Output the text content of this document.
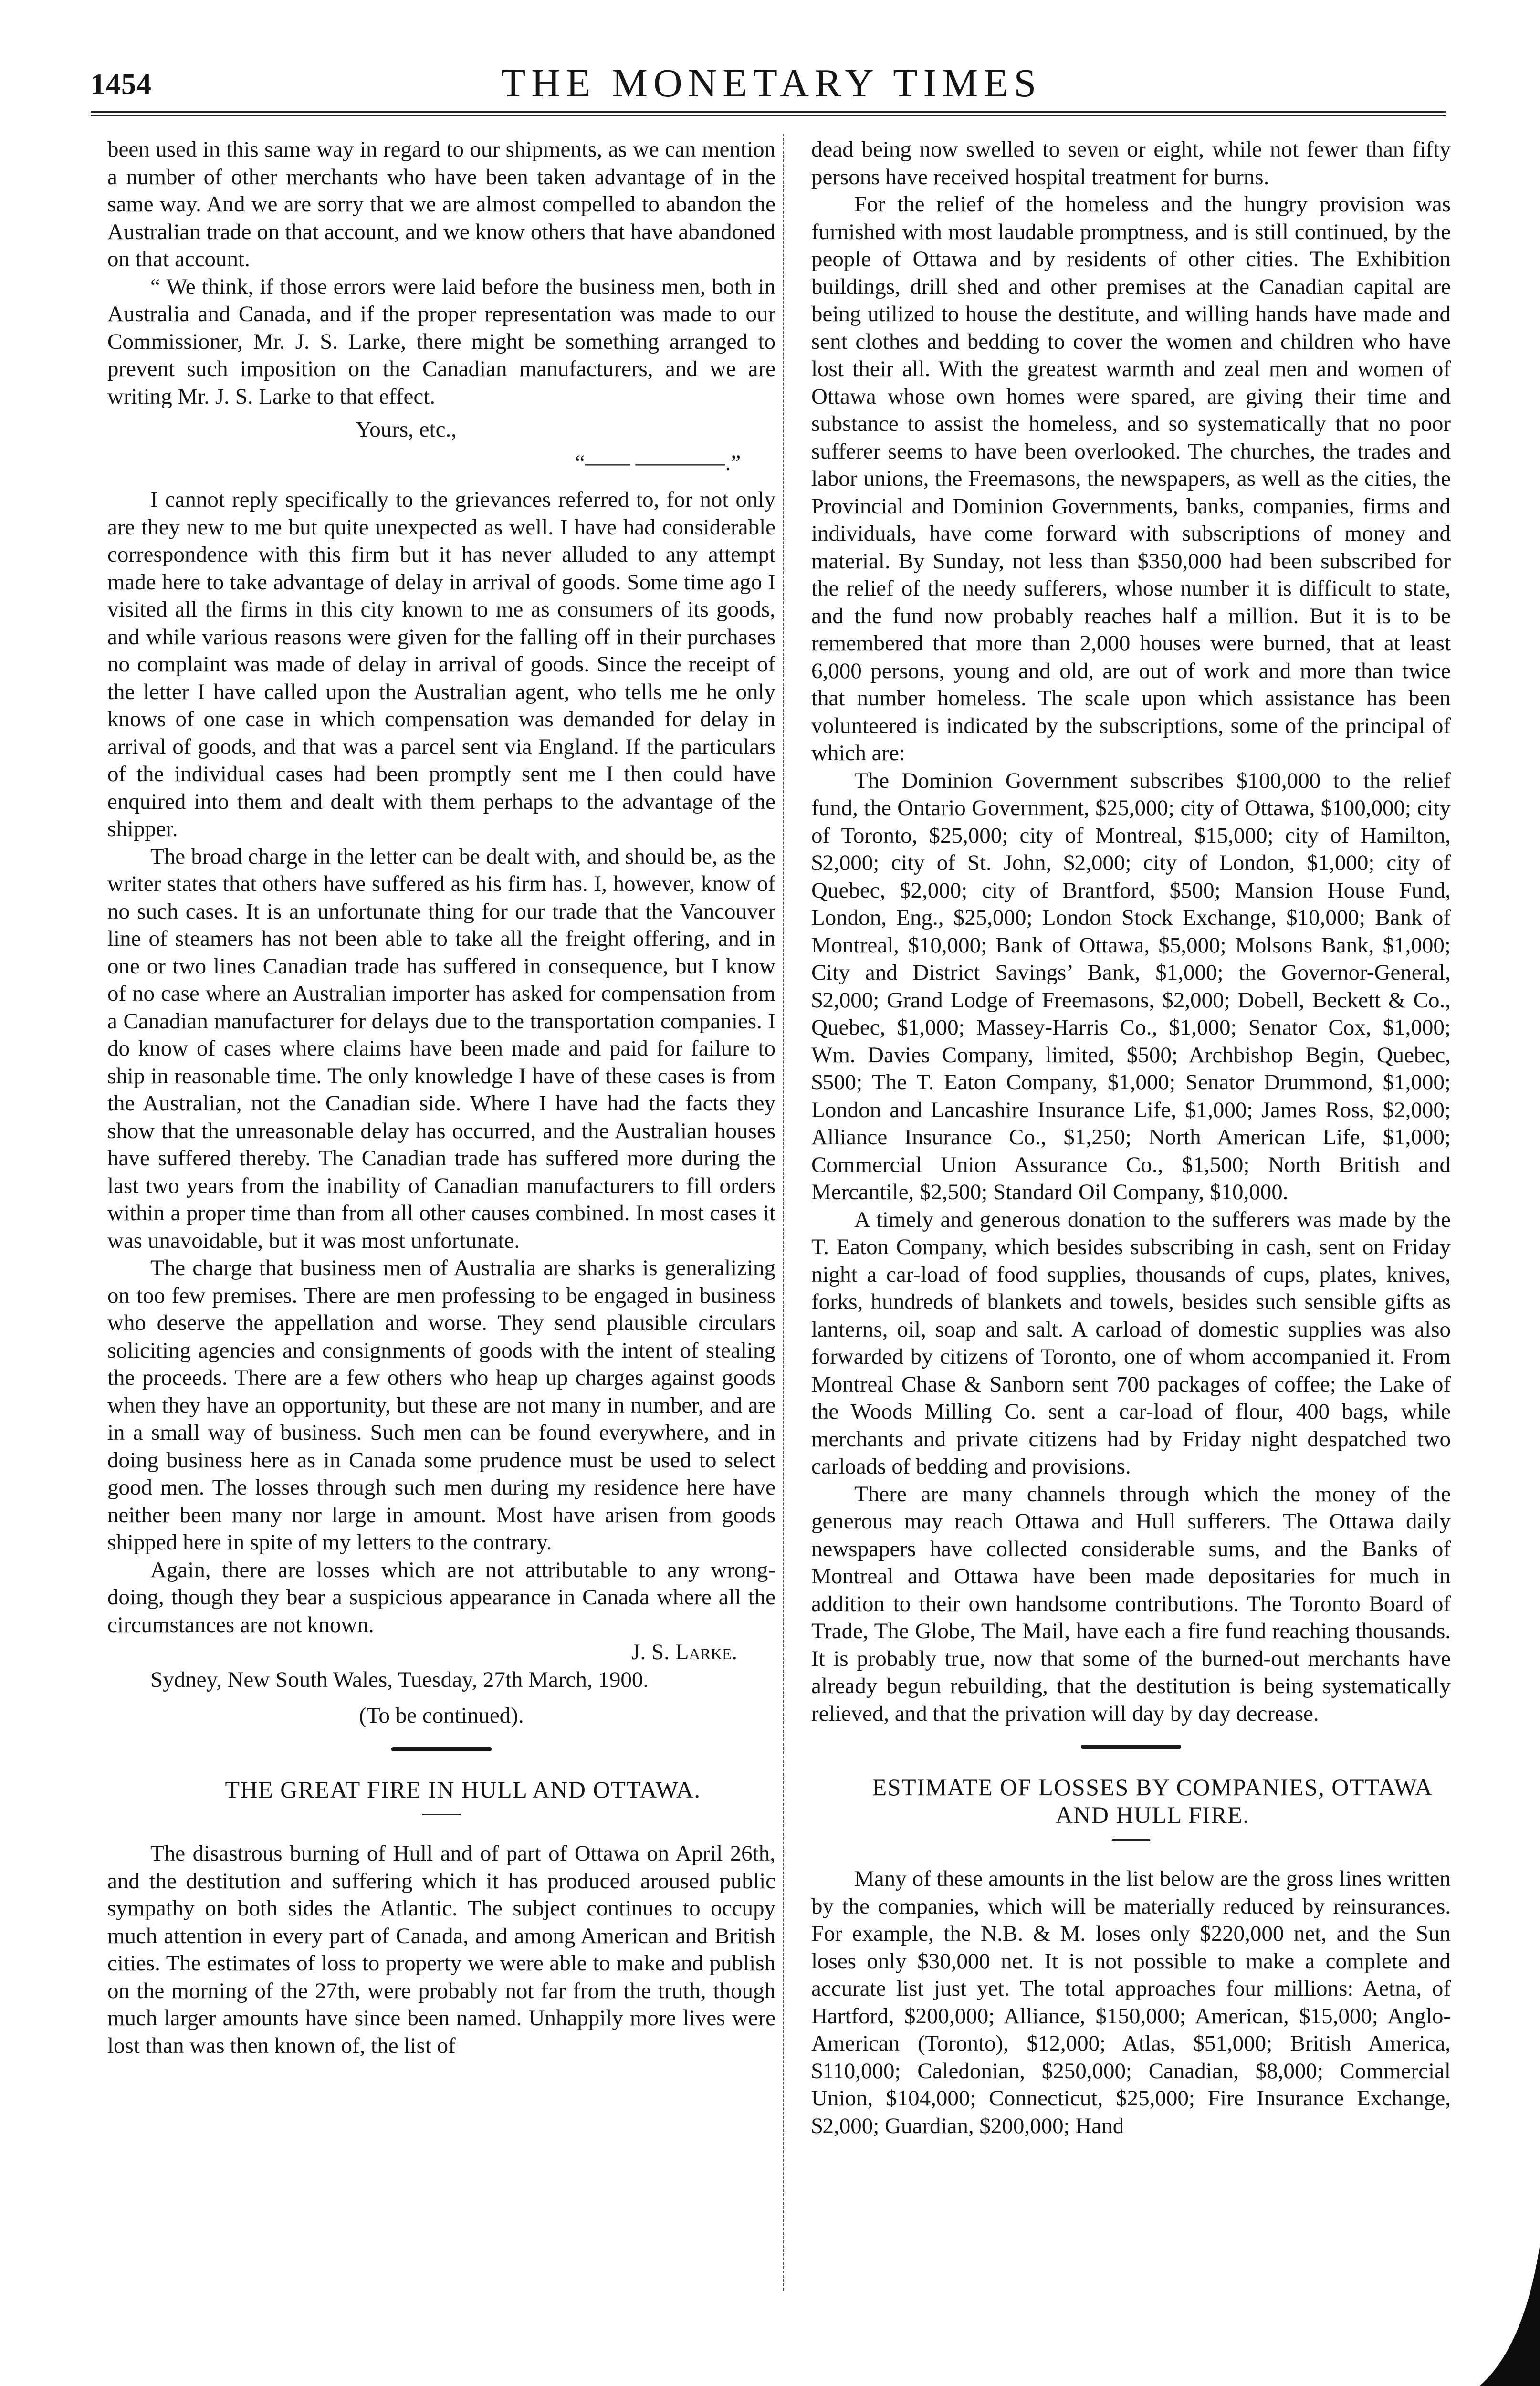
1454	THE MONETARY TIMES

been used in this same way in regard to our shipments, as we can mention a number of other merchants who have been taken advantage of in the same way. And we are sorry that we are almost compelled to abandon the Australian trade on that account, and we know others that have abandoned on that account.

“ We think, if those errors were laid before the business men, both in Australia and Canada, and if the proper representation was made to our Commissioner, Mr. J. S. Larke, there might be something arranged to prevent such imposition on the Canadian manufacturers, and we are writing Mr. J. S. Larke to that effect.

Yours, etc.,
“—— ————.”

I cannot reply specifically to the grievances referred to, for not only are they new to me but quite unexpected as well. I have had considerable correspondence with this firm but it has never alluded to any attempt made here to take advantage of delay in arrival of goods. Some time ago I visited all the firms in this city known to me as consumers of its goods, and while various reasons were given for the falling off in their purchases no complaint was made of delay in arrival of goods. Since the receipt of the letter I have called upon the Australian agent, who tells me he only knows of one case in which compensation was demanded for delay in arrival of goods, and that was a parcel sent via England. If the particulars of the individual cases had been promptly sent me I then could have enquired into them and dealt with them perhaps to the advantage of the shipper.

The broad charge in the letter can be dealt with, and should be, as the writer states that others have suffered as his firm has. I, however, know of no such cases. It is an unfortunate thing for our trade that the Vancouver line of steamers has not been able to take all the freight offering, and in one or two lines Canadian trade has suffered in consequence, but I know of no case where an Australian importer has asked for compensation from a Canadian manufacturer for delays due to the transportation companies. I do know of cases where claims have been made and paid for failure to ship in reasonable time. The only knowledge I have of these cases is from the Australian, not the Canadian side. Where I have had the facts they show that the unreasonable delay has occurred, and the Australian houses have suffered thereby. The Canadian trade has suffered more during the last two years from the inability of Canadian manufacturers to fill orders within a proper time than from all other causes combined. In most cases it was unavoidable, but it was most unfortunate.

The charge that business men of Australia are sharks is generalizing on too few premises. There are men professing to be engaged in business who deserve the appellation and worse. They send plausible circulars soliciting agencies and consignments of goods with the intent of stealing the proceeds. There are a few others who heap up charges against goods when they have an opportunity, but these are not many in number, and are in a small way of business. Such men can be found everywhere, and in doing business here as in Canada some prudence must be used to select good men. The losses through such men during my residence here have neither been many nor large in amount. Most have arisen from goods shipped here in spite of my letters to the contrary.

Again, there are losses which are not attributable to any wrong-doing, though they bear a suspicious appearance in Canada where all the circumstances are not known.

J. S. Larke.

Sydney, New South Wales, Tuesday, 27th March, 1900.

(To be continued).

THE GREAT FIRE IN HULL AND OTTAWA.

The disastrous burning of Hull and of part of Ottawa on April 26th, and the destitution and suffering which it has produced aroused public sympathy on both sides the Atlantic. The subject continues to occupy much attention in every part of Canada, and among American and British cities. The estimates of loss to property we were able to make and publish on the morning of the 27th, were probably not far from the truth, though much larger amounts have since been named. Unhappily more lives were lost than was then known of, the list of

dead being now swelled to seven or eight, while not fewer than fifty persons have received hospital treatment for burns.

For the relief of the homeless and the hungry provision was furnished with most laudable promptness, and is still continued, by the people of Ottawa and by residents of other cities. The Exhibition buildings, drill shed and other premises at the Canadian capital are being utilized to house the destitute, and willing hands have made and sent clothes and bedding to cover the women and children who have lost their all. With the greatest warmth and zeal men and women of Ottawa whose own homes were spared, are giving their time and substance to assist the homeless, and so systematically that no poor sufferer seems to have been overlooked. The churches, the trades and labor unions, the Freemasons, the newspapers, as well as the cities, the Provincial and Dominion Governments, banks, companies, firms and individuals, have come forward with subscriptions of money and material. By Sunday, not less than $350,000 had been subscribed for the relief of the needy sufferers, whose number it is difficult to state, and the fund now probably reaches half a million. But it is to be remembered that more than 2,000 houses were burned, that at least 6,000 persons, young and old, are out of work and more than twice that number homeless. The scale upon which assistance has been volunteered is indicated by the subscriptions, some of the principal of which are:

The Dominion Government subscribes $100,000 to the relief fund, the Ontario Government, $25,000; city of Ottawa, $100,000; city of Toronto, $25,000; city of Montreal, $15,000; city of Hamilton, $2,000; city of St. John, $2,000; city of London, $1,000; city of Quebec, $2,000; city of Brantford, $500; Mansion House Fund, London, Eng., $25,000; London Stock Exchange, $10,000; Bank of Montreal, $10,000; Bank of Ottawa, $5,000; Molsons Bank, $1,000; City and District Savings’ Bank, $1,000; the Governor-General, $2,000; Grand Lodge of Freemasons, $2,000; Dobell, Beckett & Co., Quebec, $1,000; Massey-Harris Co., $1,000; Senator Cox, $1,000; Wm. Davies Company, limited, $500; Archbishop Begin, Quebec, $500; The T. Eaton Company, $1,000; Senator Drummond, $1,000; London and Lancashire Insurance Life, $1,000; James Ross, $2,000; Alliance Insurance Co., $1,250; North American Life, $1,000; Commercial Union Assurance Co., $1,500; North British and Mercantile, $2,500; Standard Oil Company, $10,000.

A timely and generous donation to the sufferers was made by the T. Eaton Company, which besides subscribing in cash, sent on Friday night a car-load of food supplies, thousands of cups, plates, knives, forks, hundreds of blankets and towels, besides such sensible gifts as lanterns, oil, soap and salt. A carload of domestic supplies was also forwarded by citizens of Toronto, one of whom accompanied it. From Montreal Chase & Sanborn sent 700 packages of coffee; the Lake of the Woods Milling Co. sent a car-load of flour, 400 bags, while merchants and private citizens had by Friday night despatched two carloads of bedding and provisions.

There are many channels through which the money of the generous may reach Ottawa and Hull sufferers. The Ottawa daily newspapers have collected considerable sums, and the Banks of Montreal and Ottawa have been made depositaries for much in addition to their own handsome contributions. The Toronto Board of Trade, The Globe, The Mail, have each a fire fund reaching thousands. It is probably true, now that some of the burned-out merchants have already begun rebuilding, that the destitution is being systematically relieved, and that the privation will day by day decrease.

ESTIMATE OF LOSSES BY COMPANIES, OTTAWA

AND HULL FIRE.

Many of these amounts in the list below are the gross lines written by the companies, which will be materially reduced by reinsurances. For example, the N.B. & M. loses only $220,000 net, and the Sun loses only $30,000 net. It is not possible to make a complete and accurate list just yet. The total approaches four millions: Aetna, of Hartford, $200,000; Alliance, $150,000; American, $15,000; Anglo-American (Toronto), $12,000; Atlas, $51,000; British America, $110,000; Caledonian, $250,000; Canadian, $8,000; Commercial Union, $104,000; Connecticut, $25,000; Fire Insurance Exchange, $2,000; Guardian, $200,000; Hand
